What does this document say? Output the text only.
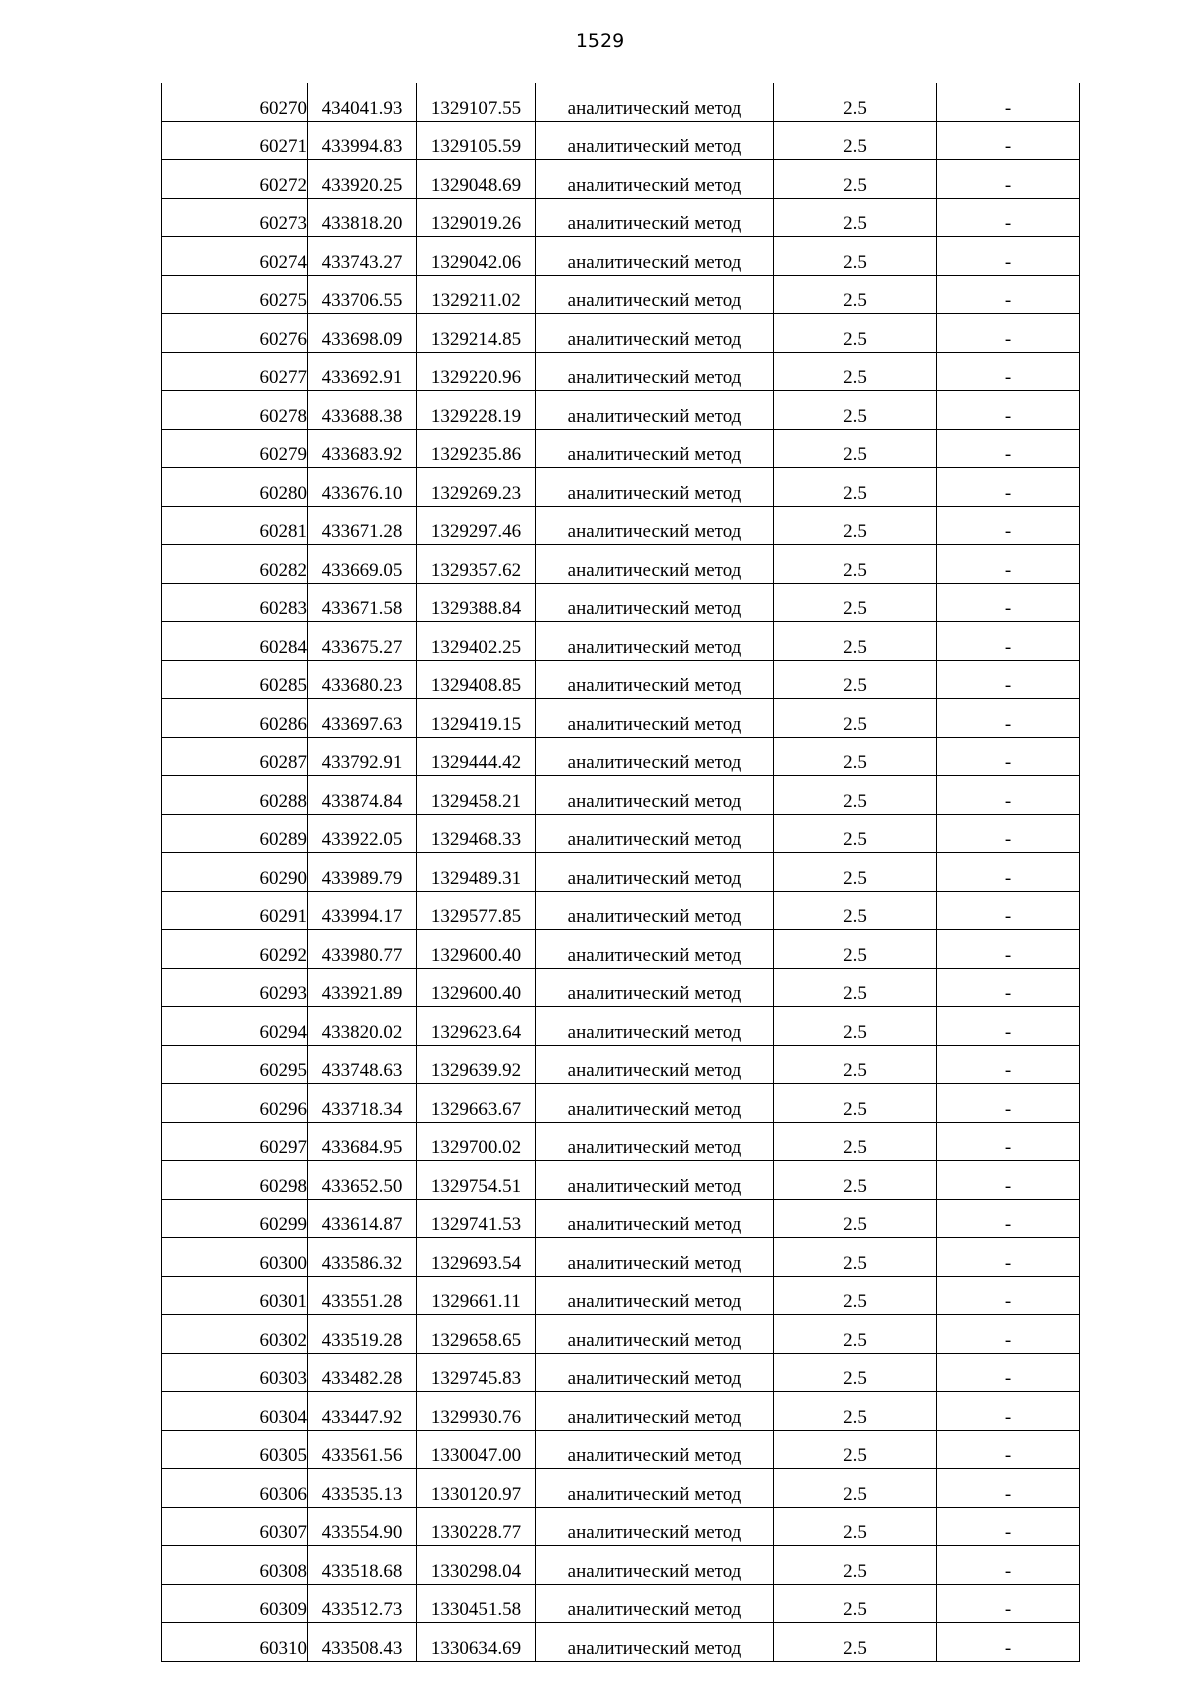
1529
60270	434041.93	1329107.55	аналитический метод	2.5	-
60271	433994.83	1329105.59	аналитический метод	2.5	-
60272	433920.25	1329048.69	аналитический метод	2.5	-
60273	433818.20	1329019.26	аналитический метод	2.5	-
60274	433743.27	1329042.06	аналитический метод	2.5	-
60275	433706.55	1329211.02	аналитический метод	2.5	-
60276	433698.09	1329214.85	аналитический метод	2.5	-
60277	433692.91	1329220.96	аналитический метод	2.5	-
60278	433688.38	1329228.19	аналитический метод	2.5	-
60279	433683.92	1329235.86	аналитический метод	2.5	-
60280	433676.10	1329269.23	аналитический метод	2.5	-
60281	433671.28	1329297.46	аналитический метод	2.5	-
60282	433669.05	1329357.62	аналитический метод	2.5	-
60283	433671.58	1329388.84	аналитический метод	2.5	-
60284	433675.27	1329402.25	аналитический метод	2.5	-
60285	433680.23	1329408.85	аналитический метод	2.5	-
60286	433697.63	1329419.15	аналитический метод	2.5	-
60287	433792.91	1329444.42	аналитический метод	2.5	-
60288	433874.84	1329458.21	аналитический метод	2.5	-
60289	433922.05	1329468.33	аналитический метод	2.5	-
60290	433989.79	1329489.31	аналитический метод	2.5	-
60291	433994.17	1329577.85	аналитический метод	2.5	-
60292	433980.77	1329600.40	аналитический метод	2.5	-
60293	433921.89	1329600.40	аналитический метод	2.5	-
60294	433820.02	1329623.64	аналитический метод	2.5	-
60295	433748.63	1329639.92	аналитический метод	2.5	-
60296	433718.34	1329663.67	аналитический метод	2.5	-
60297	433684.95	1329700.02	аналитический метод	2.5	-
60298	433652.50	1329754.51	аналитический метод	2.5	-
60299	433614.87	1329741.53	аналитический метод	2.5	-
60300	433586.32	1329693.54	аналитический метод	2.5	-
60301	433551.28	1329661.11	аналитический метод	2.5	-
60302	433519.28	1329658.65	аналитический метод	2.5	-
60303	433482.28	1329745.83	аналитический метод	2.5	-
60304	433447.92	1329930.76	аналитический метод	2.5	-
60305	433561.56	1330047.00	аналитический метод	2.5	-
60306	433535.13	1330120.97	аналитический метод	2.5	-
60307	433554.90	1330228.77	аналитический метод	2.5	-
60308	433518.68	1330298.04	аналитический метод	2.5	-
60309	433512.73	1330451.58	аналитический метод	2.5	-
60310	433508.43	1330634.69	аналитический метод	2.5	-
